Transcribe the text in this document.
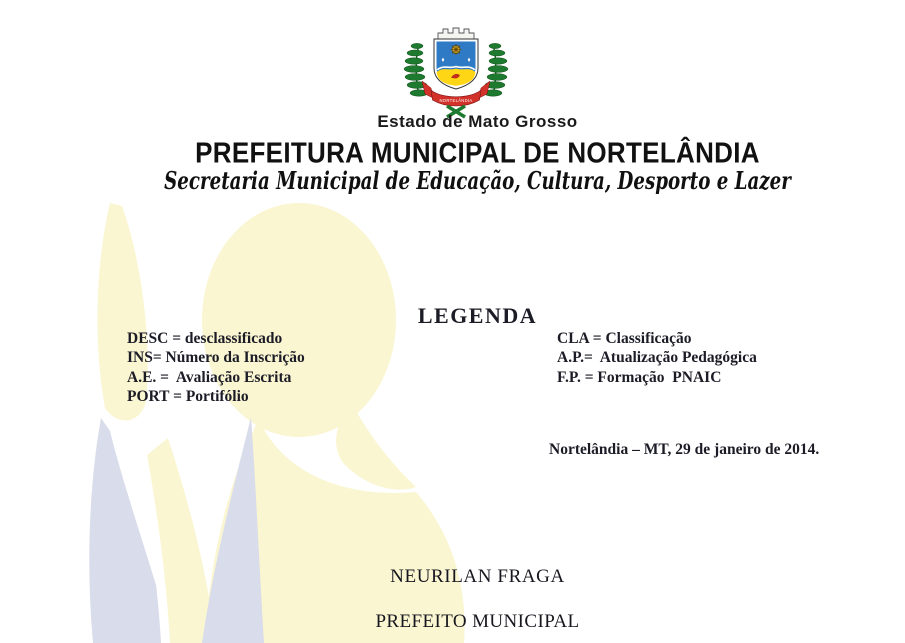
NORTELÂNDIA
Estado de Mato Grosso
PREFEITURA MUNICIPAL DE NORTELÂNDIA
Secretaria Municipal de Educação, Cultura, Desporto e Lazer
LEGENDA
DESC = desclassificado
INS= Número da Inscrição
A.E. =  Avaliação Escrita
PORT = Portifólio
CLA = Classificação
A.P.=  Atualização Pedagógica
F.P. = Formação  PNAIC
Nortelândia – MT, 29 de janeiro de 2014.
NEURILAN FRAGA
PREFEITO MUNICIPAL
